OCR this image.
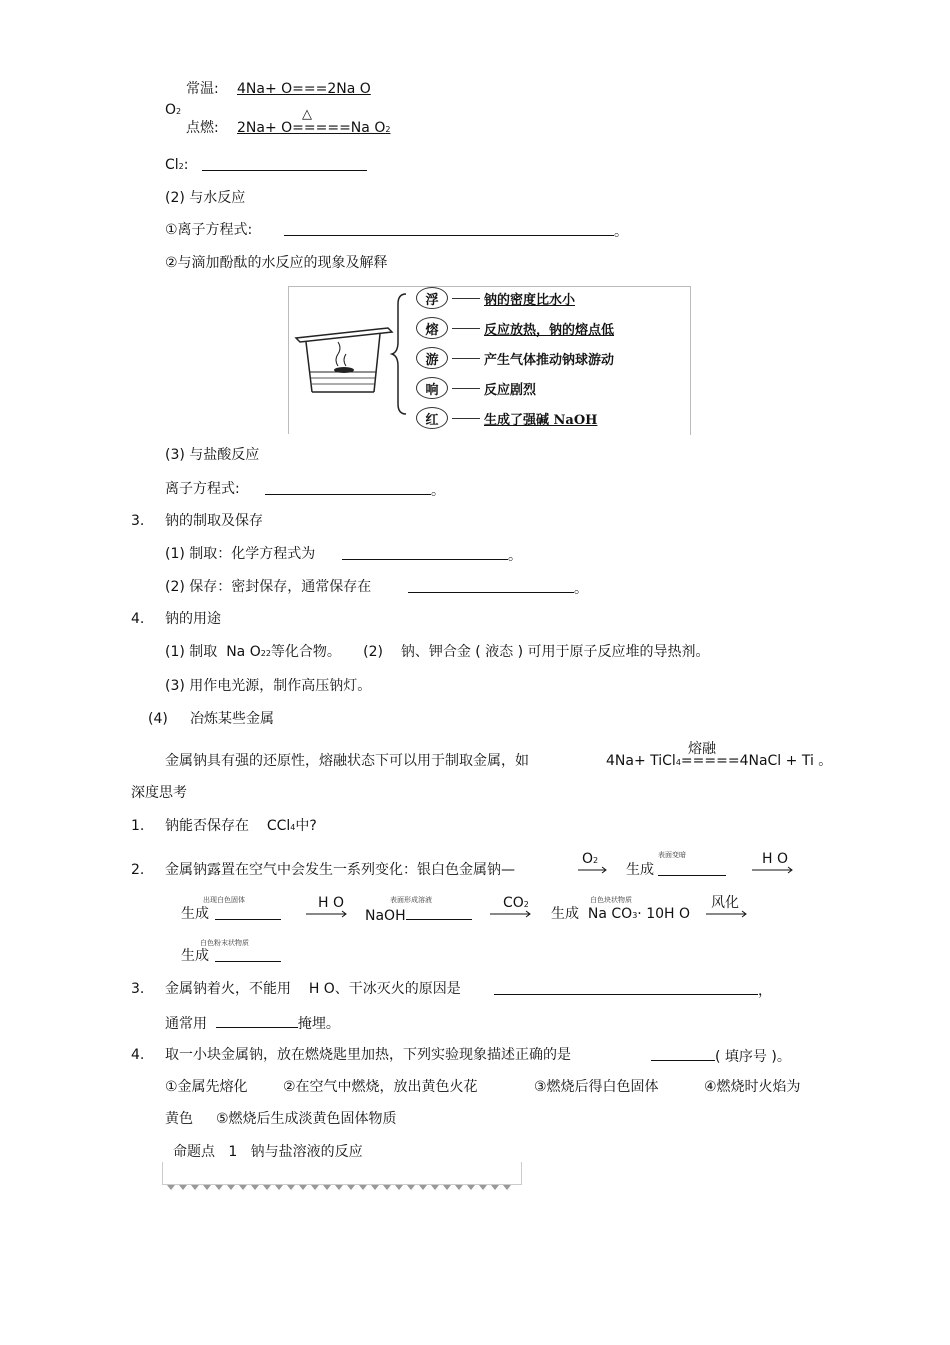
常温: 4Na+ O===2Na O
O2	△
点燃: 2Na+ O=====Na O2
Cl2:
(2) 与水反应
①离子方程式:	。
②与滴加酚酞的水反应的现象及解释
浮	钠的密度比水小
熔	反应放热，钠的熔点低
游	产生气体推动钠球游动
响	反应剧烈
红	生成了强碱 NaOH
(3) 与盐酸反应
离子方程式:	。
3. 钠的制取及保存
(1) 制取：化学方程式为	。
(2) 保存：密封保存，通常保存在	。
4. 钠的用途
(1) 制取 Na O22等化合物。 (2) 钠、钾合金 ( 液态 ) 可用于原子反应堆的导热剂。
(3) 用作电光源，制作高压钠灯。
(4) 冶炼某些金属
金属钠具有强的还原性，熔融状态下可以用于制取金属，如
熔融
4Na+ TiCl4=====4NaCl + Ti 。
深度思考
1. 钠能否保存在 CCl4中?
2. 金属钠露置在空气中会发生一系列变化：银白色金属钠—
O2
生成
表面变暗	H O
出现白色固体
生成
H O	表面形成溶液
NaOH
CO2	白色块状物质
生成 Na CO3· 10H O
风化
白色粉末状物质
生成
3. 金属钠着火，不能用 H O、干冰灭火的原因是	，
通常用	掩埋。
4. 取一小块金属钠，放在燃烧匙里加热，下列实验现象描述正确的是	( 填序号 )。
①金属先熔化	②在空气中燃烧，放出黄色火花	③燃烧后得白色固体	④燃烧时火焰为
黄色 ⑤燃烧后生成淡黄色固体物质
命题点 1 钠与盐溶液的反应
